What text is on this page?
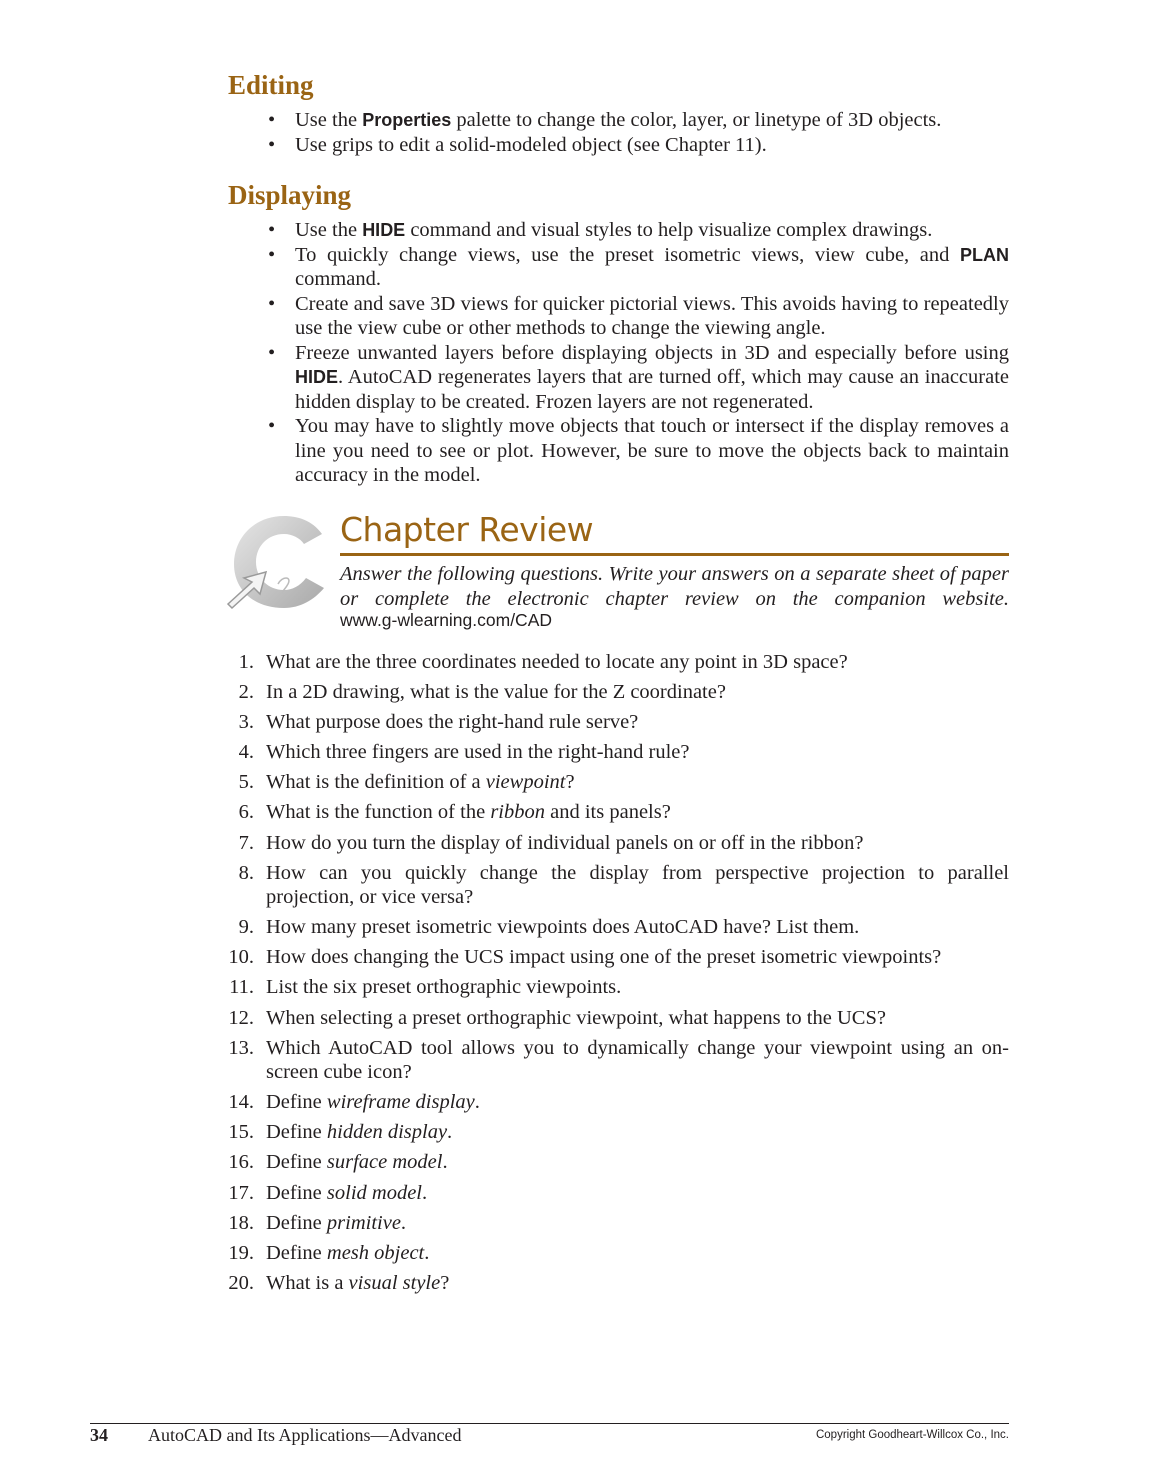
Editing
• Use the Properties palette to change the color, layer, or linetype of 3D objects.
• Use grips to edit a solid-modeled object (see Chapter 11).
Displaying
• Use the HIDE command and visual styles to help visualize complex drawings.
• To quickly change views, use the preset isometric views, view cube, and PLAN command.
• Create and save 3D views for quicker pictorial views. This avoids having to repeatedly use the view cube or other methods to change the viewing angle.
• Freeze unwanted layers before displaying objects in 3D and especially before using HIDE. AutoCAD regenerates layers that are turned off, which may cause an inaccurate hidden display to be created. Frozen layers are not regenerated.
• You may have to slightly move objects that touch or intersect if the display removes a line you need to see or plot. However, be sure to move the objects back to maintain accuracy in the model.
Chapter Review
Answer the following questions. Write your answers on a separate sheet of paper or complete the electronic chapter review on the companion website.
www.g-wlearning.com/CAD
1. What are the three coordinates needed to locate any point in 3D space?
2. In a 2D drawing, what is the value for the Z coordinate?
3. What purpose does the right-hand rule serve?
4. Which three fingers are used in the right-hand rule?
5. What is the definition of a viewpoint?
6. What is the function of the ribbon and its panels?
7. How do you turn the display of individual panels on or off in the ribbon?
8. How can you quickly change the display from perspective projection to parallel projection, or vice versa?
9. How many preset isometric viewpoints does AutoCAD have? List them.
10. How does changing the UCS impact using one of the preset isometric viewpoints?
11. List the six preset orthographic viewpoints.
12. When selecting a preset orthographic viewpoint, what happens to the UCS?
13. Which AutoCAD tool allows you to dynamically change your viewpoint using an on-screen cube icon?
14. Define wireframe display.
15. Define hidden display.
16. Define surface model.
17. Define solid model.
18. Define primitive.
19. Define mesh object.
20. What is a visual style?
34 AutoCAD and Its Applications—Advanced	Copyright Goodheart-Willcox Co., Inc.
